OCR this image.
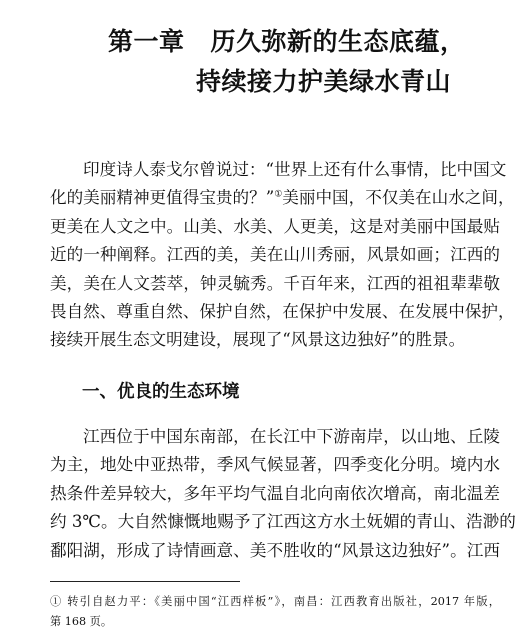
第一章 历久弥新的生态底蕴，
持续接力护美绿水青山
印度诗人泰戈尔曾说过：“世界上还有什么事情，比中国文
化的美丽精神更值得宝贵的？”①美丽中国，不仅美在山水之间，
更美在人文之中。山美、水美、人更美，这是对美丽中国最贴
近的一种阐释。江西的美，美在山川秀丽，风景如画；江西的
美，美在人文荟萃，钟灵毓秀。千百年来，江西的祖祖辈辈敬
畏自然、尊重自然、保护自然，在保护中发展、在发展中保护，
接续开展生态文明建设，展现了“风景这边独好”的胜景。
一、优良的生态环境
江西位于中国东南部，在长江中下游南岸，以山地、丘陵
为主，地处中亚热带，季风气候显著，四季变化分明。境内水
热条件差异较大，多年平均气温自北向南依次增高，南北温差
约 3℃。大自然慷慨地赐予了江西这方水土妩媚的青山、浩渺的
鄱阳湖，形成了诗情画意、美不胜收的“风景这边独好”。江西
① 转引自赵力平：《美丽中国“江西样板”》，南昌：江西教育出版社，2017 年版，
第 168 页。
